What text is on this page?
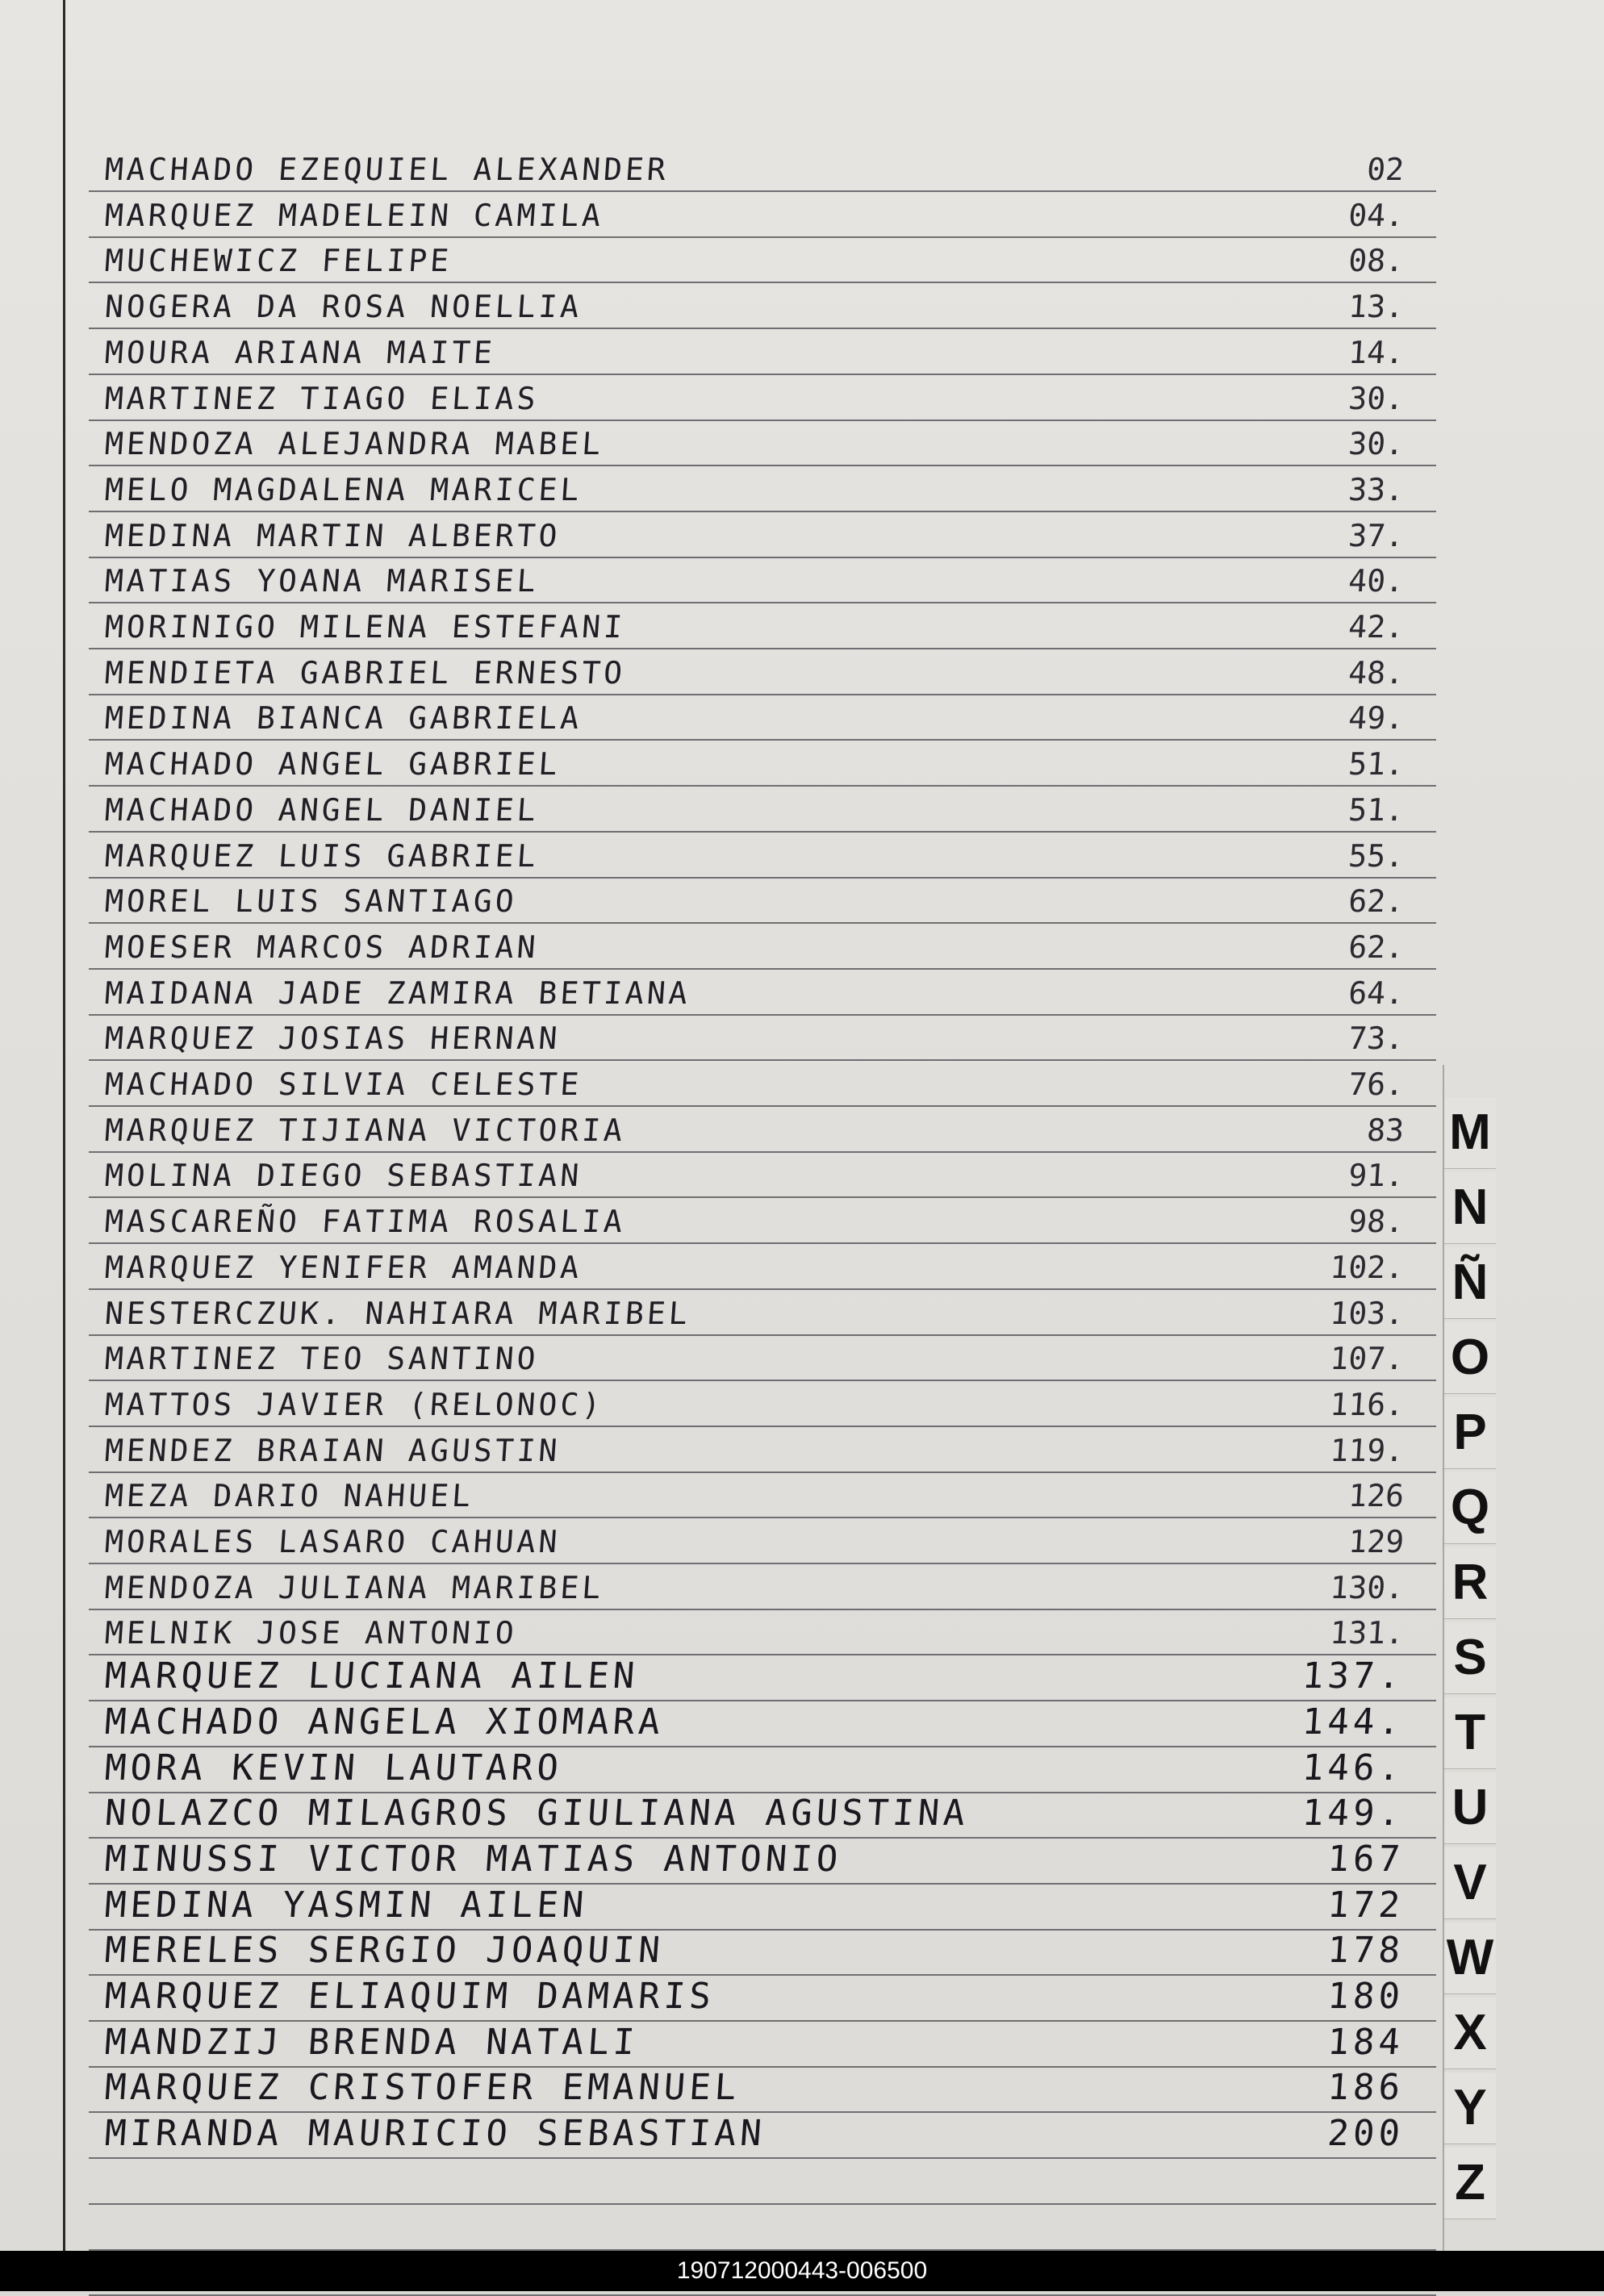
MACHADO EZEQUIEL ALEXANDER	02
MARQUEZ MADELEIN CAMILA	04.
MUCHEWICZ FELIPE	08.
NOGERA DA ROSA NOELLIA	13.
MOURA ARIANA MAITE	14.
MARTINEZ TIAGO ELIAS	30.
MENDOZA ALEJANDRA MABEL	30.
MELO MAGDALENA MARICEL	33.
MEDINA MARTIN ALBERTO	37.
MATIAS YOANA MARISEL	40.
MORINIGO MILENA ESTEFANI	42.
MENDIETA GABRIEL ERNESTO	48.
MEDINA BIANCA GABRIELA	49.
MACHADO ANGEL GABRIEL	51.
MACHADO ANGEL DANIEL	51.
MARQUEZ LUIS GABRIEL	55.
MOREL LUIS SANTIAGO	62.
MOESER MARCOS ADRIAN	62.
MAIDANA JADE ZAMIRA BETIANA	64.
MARQUEZ JOSIAS HERNAN	73.
MACHADO SILVIA CELESTE	76.
MARQUEZ TIJIANA VICTORIA	83
MOLINA DIEGO SEBASTIAN	91.
MASCAREÑO FATIMA ROSALIA	98.
MARQUEZ YENIFER AMANDA	102.
NESTERCZUK. NAHIARA MARIBEL	103.
MARTINEZ TEO SANTINO	107.
MATTOS JAVIER (RELONOC)	116.
MENDEZ BRAIAN AGUSTIN	119.
MEZA DARIO NAHUEL	126
MORALES LASARO CAHUAN	129
MENDOZA JULIANA MARIBEL	130.
MELNIK JOSE ANTONIO	131.
MARQUEZ LUCIANA AILEN	137.
MACHADO ANGELA XIOMARA	144.
MORA KEVIN LAUTARO	146.
NOLAZCO MILAGROS GIULIANA AGUSTINA	149.
MINUSSI VICTOR MATIAS ANTONIO	167
MEDINA YASMIN AILEN	172
MERELES SERGIO JOAQUIN	178
MARQUEZ ELIAQUIM DAMARIS	180
MANDZIJ BRENDA NATALI	184
MARQUEZ CRISTOFER EMANUEL	186
MIRANDA MAURICIO SEBASTIAN	200
M
N
Ñ
O
P
Q
R
S
T
U
V
W
X
Y
Z
190712000443-006500
